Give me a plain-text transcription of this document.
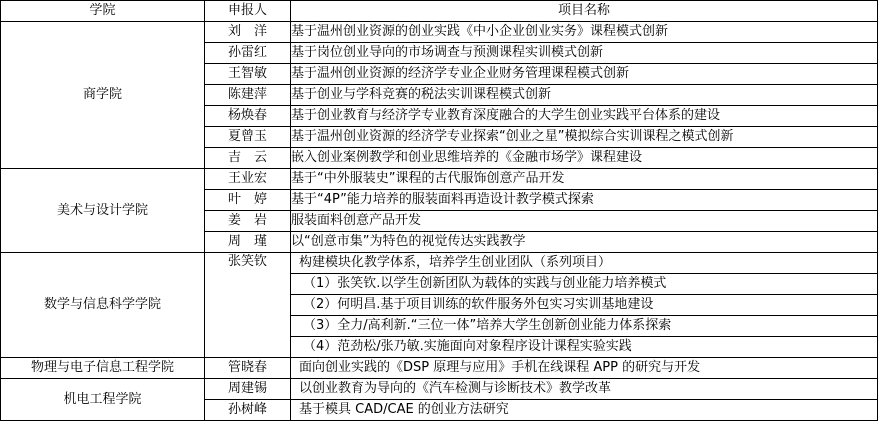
学院	申报人	项目名称
商学院	刘　洋	基于温州创业资源的创业实践《中小企业创业实务》课程模式创新
	孙雷红	基于岗位创业导向的市场调查与预测课程实训模式创新
	王智敏	基于温州创业资源的经济学专业企业财务管理课程模式创新
	陈建萍	基于创业与学科竞赛的税法实训课程模式创新
	杨焕春	基于创业教育与经济学专业教育深度融合的大学生创业实践平台体系的建设
	夏曾玉	基于温州创业资源的经济学专业探索“创业之星”模拟综合实训课程之模式创新
	吉　云	嵌入创业案例教学和创业思维培养的《金融市场学》课程建设
美术与设计学院	王业宏	基于“中外服装史”课程的古代服饰创意产品开发
	叶　婷	基于“4P”能力培养的服装面料再造设计教学模式探索
	姜　岩	服装面料创意产品开发
	周　瑾	以“创意市集”为特色的视觉传达实践教学
数学与信息科学学院	张笑钦	构建模块化教学体系，培养学生创业团队（系列项目）
		（1）张笑钦.以学生创新团队为载体的实践与创业能力培养模式
		（2）何明昌.基于项目训练的软件服务外包实习实训基地建设
		（3）全力/高利新.“三位一体”培养大学生创新创业能力体系探索
		（4）范劲松/张乃敏.实施面向对象程序设计课程实验实践
物理与电子信息工程学院	管晓春	面向创业实践的《DSP 原理与应用》手机在线课程 APP 的研究与开发
机电工程学院	周建锡	以创业教育为导向的《汽车检测与诊断技术》教学改革
	孙树峰	基于模具 CAD/CAE 的创业方法研究
